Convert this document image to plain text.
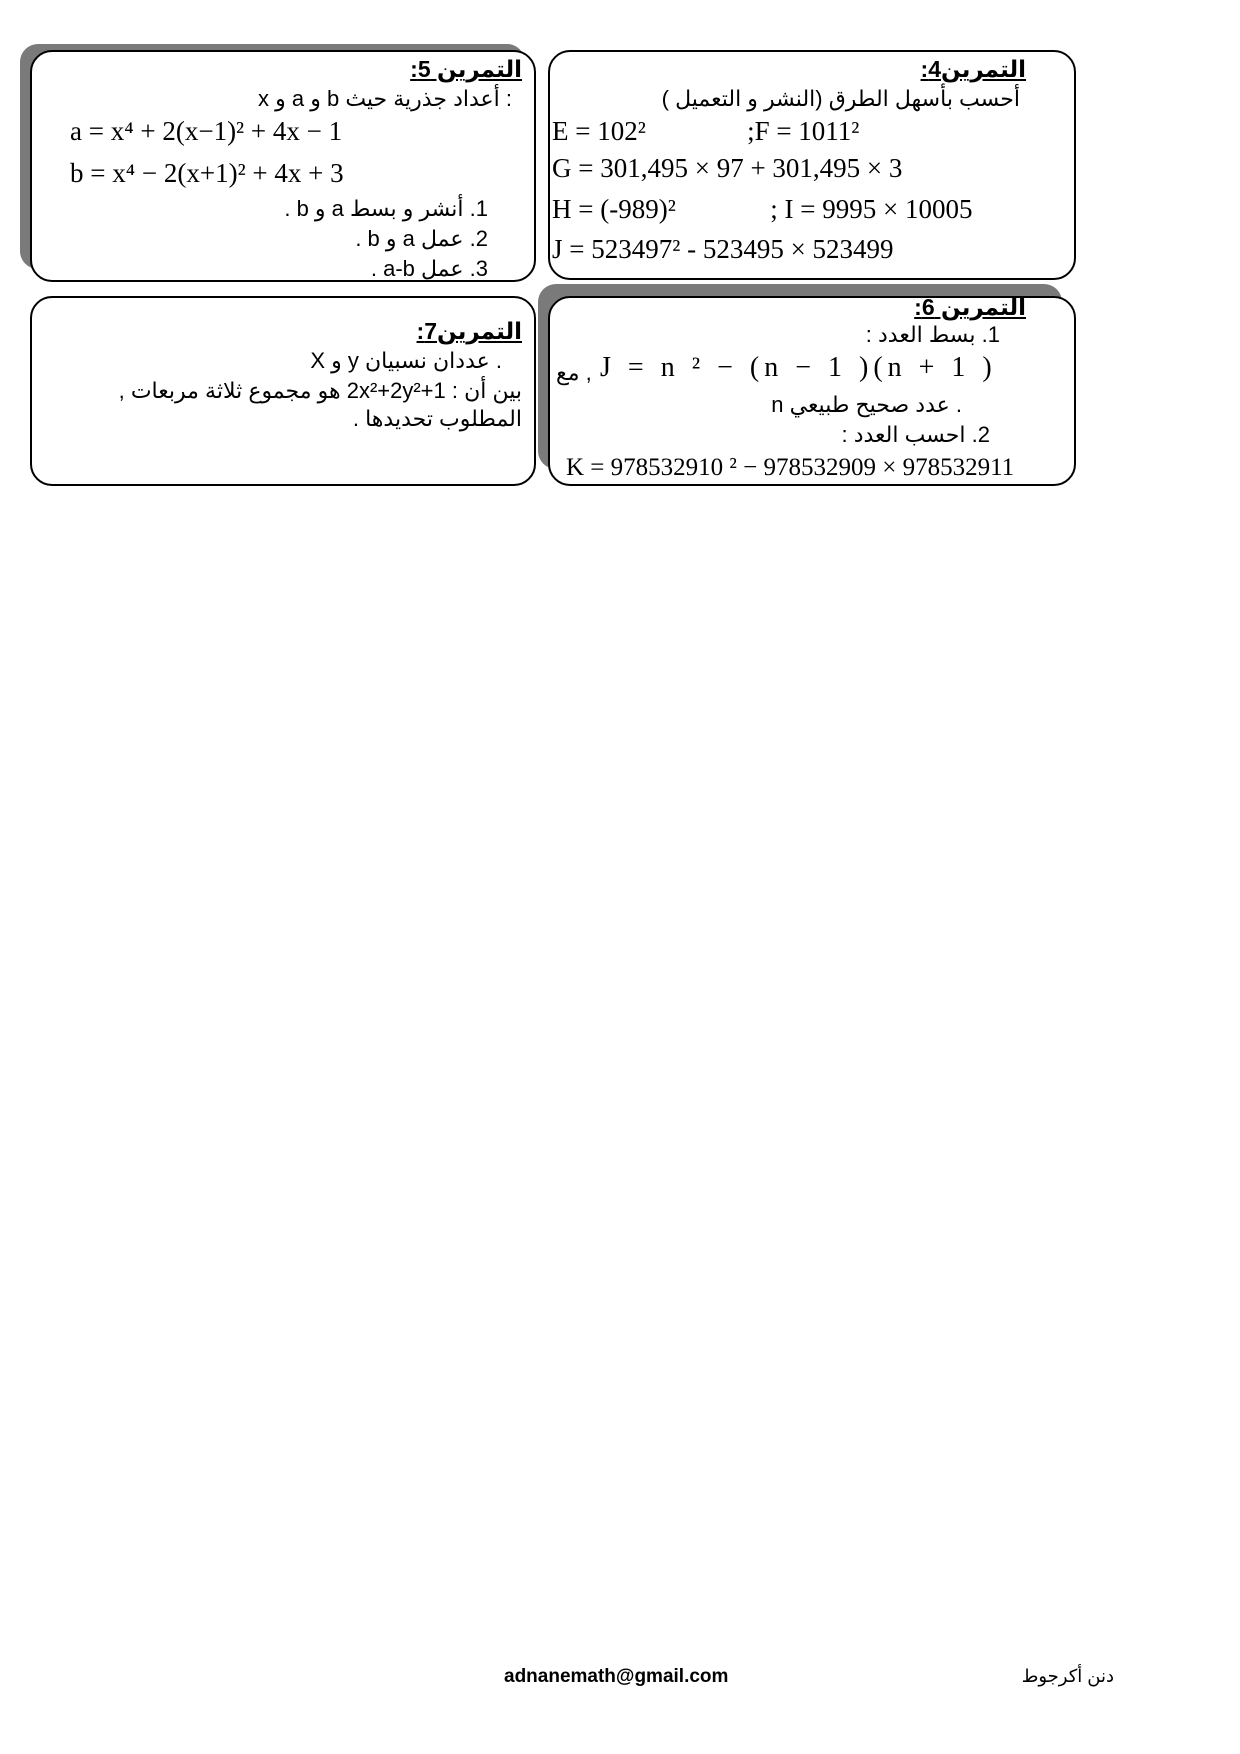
التمرين 5:
x و a و b أعداد جذرية حيث :
a = x⁴ + 2(x−1)² + 4x − 1
b = x⁴ − 2(x+1)² + 4x + 3
1. أنشر و بسط a و b .
2. عمل a و b .
3. عمل a-b .
التمرين4:
أحسب بأسهل الطرق (النشر و التعميل )
E = 102²               ;F = 1011²
G = 301,495 × 97 + 301,495 × 3
H = (-989)²              ; I = 9995 × 10005
J = 523497² - 523495 × 523499
التمرين7:
X و y عددان نسبيان .
بين أن : 2x²+2y²+1 هو مجموع ثلاثة مربعات ,
المطلوب تحديدها .
التمرين 6:
1. بسط العدد :
, مع J = n ² − (n − 1 )(n + 1 )
n عدد صحيح طبيعي .
2. احسب العدد :
K = 978532910 ² − 978532909 × 978532911
adnanemath@gmail.com	دنن أكرجوط
